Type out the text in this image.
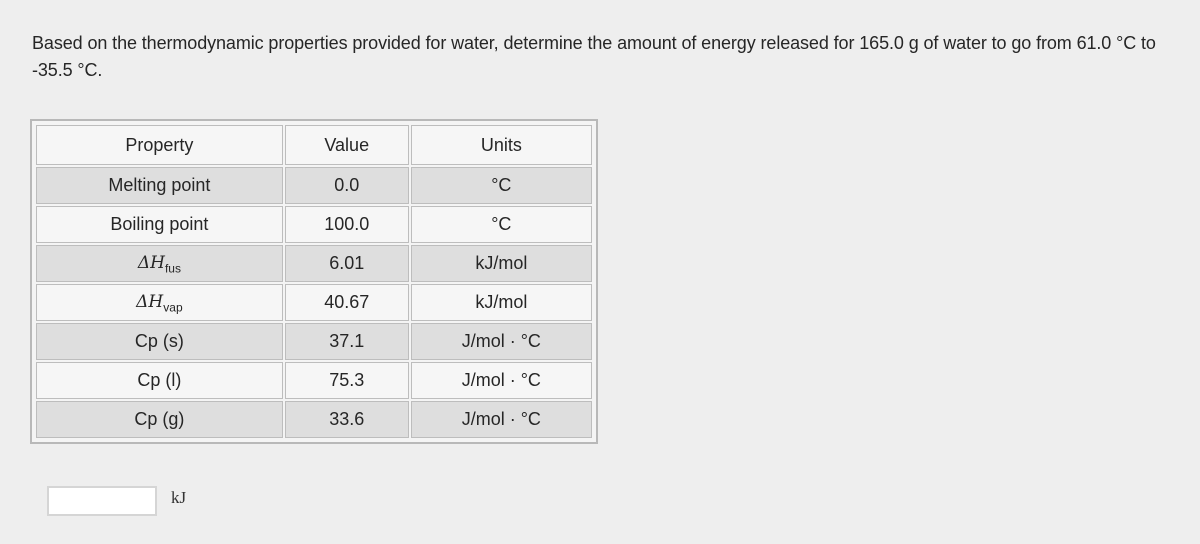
Based on the thermodynamic properties provided for water, determine the amount of energy released for 165.0 g of water to go from 61.0 °C to -35.5 °C.
Property	Value	Units
Melting point	0.0	°C
Boiling point	100.0	°C
$\Delta H_{fus}$	6.01	kJ/mol
$\Delta H_{vap}$	40.67	kJ/mol
Cp (s)	37.1	J/mol · °C
Cp (l)	75.3	J/mol · °C
Cp (g)	33.6	J/mol · °C
kJ
